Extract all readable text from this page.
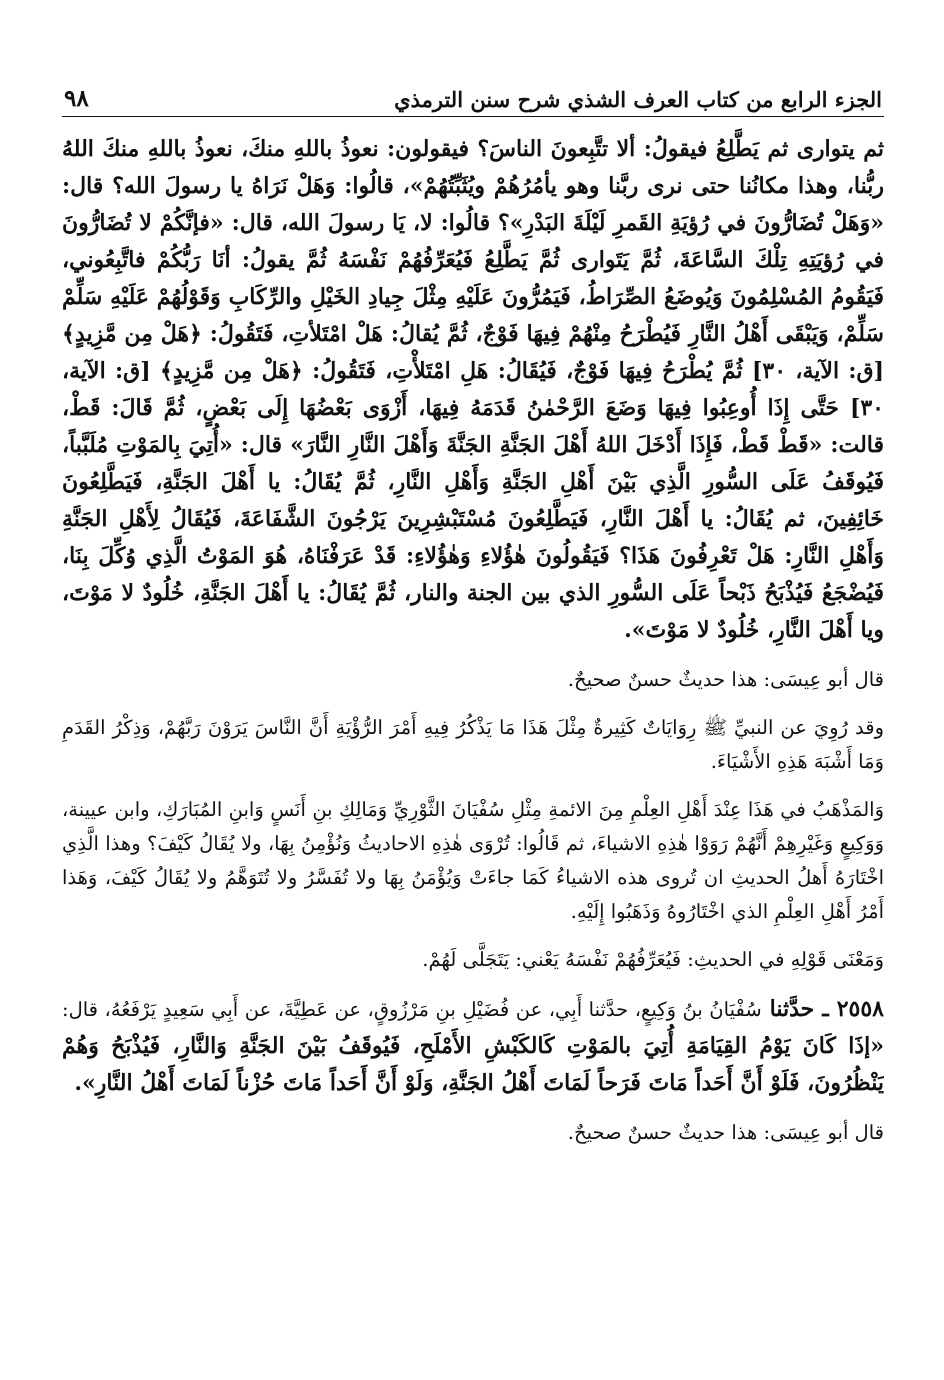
الجزء الرابع من كتاب العرف الشذي شرح سنن الترمذي
٩٨

ثم يتوارى ثم يَطَّلِعُ فيقولُ: ألا تتَّبِعونَ الناسَ؟ فيقولون: نعوذُ باللهِ منكَ، نعوذُ باللهِ منكَ اللهُ ربُّنا، وهذا مكانُنا حتى نرى ربَّنا وهو يأمُرُهُمْ ويُثَبِّتُهُمْ»، قالُوا: وَهَلْ نَرَاهُ يا رسولَ الله؟ قال: «وَهَلْ تُضَارُّونَ في رُؤيَةِ القَمرِ لَيْلَةَ البَدْرِ»؟ قالُوا: لا، يَا رسولَ الله، قال: «فإنَّكُمْ لا تُضَارُّونَ في رُؤيَتِهِ تِلْكَ السَّاعَةَ، ثُمَّ يَتَوارى ثُمَّ يَطَّلِعُ فَيُعَرِّفُهُمْ نَفْسَهُ ثُمَّ يقولُ: أنَا رَبُّكُمْ فاتَّبِعُوني، فَيَقُومُ المُسْلِمُونَ وَيُوضَعُ الصِّرَاطُ، فَيَمُرُّونَ عَلَيْهِ مِثْلَ جِيادِ الخَيْلِ والرِّكَابِ وَقَوْلُهُمْ عَلَيْهِ سَلِّمْ سَلِّمْ، وَيَبْقَى أَهْلُ النَّارِ فَيُطْرَحُ مِنْهُمْ فِيهَا فَوْجٌ، ثُمَّ يُقالُ: هَلْ امْتَلأتِ، فَتَقُولُ: ﴿هَلْ مِن مَّزِيدٍ﴾ [ق: الآية، ٣٠] ثُمَّ يُطْرَحُ فِيهَا فَوْجٌ، فَيُقَالُ: هَلِ امْتَلأْتِ، فَتَقُولُ: ﴿هَلْ مِن مَّزِيدٍ﴾ [ق: الآية، ٣٠] حَتَّى إِذَا أُوعِبُوا فِيهَا وَضَعَ الرَّحْمٰنُ قَدَمَهُ فِيهَا، أَزْوَى بَعْضُهَا إِلَى بَعْضٍ، ثُمَّ قَالَ: قَطْ، قالت: «قَطْ قَطْ، فَإِذَا أَدْخَلَ اللهُ أَهْلَ الجَنَّةِ الجَنَّةَ وَأَهْلَ النَّارِ النَّارَ» قال: «أُتِيَ بِالمَوْتِ مُلَبَّباً، فَيُوقَفُ عَلَى السُّورِ الَّذِي بَيْنَ أَهْلِ الجَنَّةِ وَأَهْلِ النَّارِ، ثُمَّ يُقَالُ: يا أَهْلَ الجَنَّةِ، فَيَطَّلِعُونَ خَائِفِينَ، ثم يُقَالُ: يا أَهْلَ النَّارِ، فَيَطَّلِعُونَ مُسْتَبْشِرِينَ يَرْجُونَ الشَّفَاعَةَ، فَيُقَالُ لِأَهْلِ الجَنَّةِ وَأَهْلِ النَّارِ: هَلْ تَعْرِفُونَ هَذَا؟ فَيَقُولُونَ هٰؤُلاءِ وَهٰؤُلاءِ: قَدْ عَرَفْنَاهُ، هُوَ المَوْتُ الَّذِي وُكِّلَ بِنَا، فَيُضْجَعُ فَيُذْبَحُ ذَبْحاً عَلَى السُّورِ الذي بين الجنة والنار، ثُمَّ يُقَالُ: يا أَهْلَ الجَنَّةِ، خُلُودٌ لا مَوْتَ، ويا أَهْلَ النَّارِ، خُلُودٌ لا مَوْتَ».

قال أبو عِيسَى: هذا حديثٌ حسنٌ صحيحٌ.

وقد رُوِيَ عن النبيِّ ﷺ رِوَايَاتٌ كَثِيرةٌ مِثْلَ هَذَا مَا يَذْكُرُ فِيهِ أَمْرَ الرُّؤْيَةِ أَنَّ النَّاسَ يَرَوْنَ رَبَّهُمْ، وَذِكْرُ القَدَمِ وَمَا أَشْبَهَ هَذِهِ الأَشْيَاءَ.

وَالمَذْهَبُ في هَذَا عِنْدَ أَهْلِ العِلْمِ مِنَ الائمةِ مِثْلِ سُفْيَانَ الثَّوْرِيِّ وَمَالِكِ بنِ أَنَسٍ وَابنِ المُبَارَكِ، وابن عيينة، وَوَكِيعٍ وَغَيْرِهِمْ أَنَّهُمْ رَوَوْا هٰذِهِ الاشياءَ، ثم قَالُوا: تُرْوَى هٰذِهِ الاحاديثُ وَنُؤْمِنُ بِهَا، ولا يُقَالُ كَيْفَ؟ وهذا الَّذِي اخْتَارَهُ أَهلُ الحديثِ ان تُروى هذه الاشياءُ كَمَا جاءَتْ وَيُؤْمَنُ بِهَا ولا تُفَسَّرُ ولا تُتَوَهَّمُ ولا يُقَالُ كَيْفَ، وَهَذا أَمْرُ أَهْلِ العِلْمِ الذي اخْتَارُوهُ وَذَهَبُوا إِلَيْهِ.

وَمَعْنَى قَوْلِهِ في الحديثِ: فَيُعَرِّفُهُمْ نَفْسَهُ يَعْني: يَتَجَلَّى لَهُمْ.

٢٥٥٨ ـ حدَّثنا سُفْيَانُ بنُ وَكِيعٍ، حدَّثنا أَبِي، عن فُضَيْلِ بنِ مَرْزُوقٍ، عن عَطِيَّةَ، عن أَبِي سَعِيدٍ يَرْفَعُهُ، قال: «إذَا كَانَ يَوْمُ القِيَامَةِ أُتِيَ بالمَوْتِ كَالكَبْشِ الأَمْلَحِ، فَيُوقَفُ بَيْنَ الجَنَّةِ وَالنَّارِ، فَيُذْبَحُ وَهُمْ يَنْظُرُونَ، فَلَوْ أَنَّ أَحَداً مَاتَ فَرَحاً لَمَاتَ أَهْلُ الجَنَّةِ، وَلَوْ أَنَّ أَحَداً مَاتَ حُزْناً لَمَاتَ أَهْلُ النَّارِ».

قال أبو عِيسَى: هذا حديثٌ حسنٌ صحيحٌ.
